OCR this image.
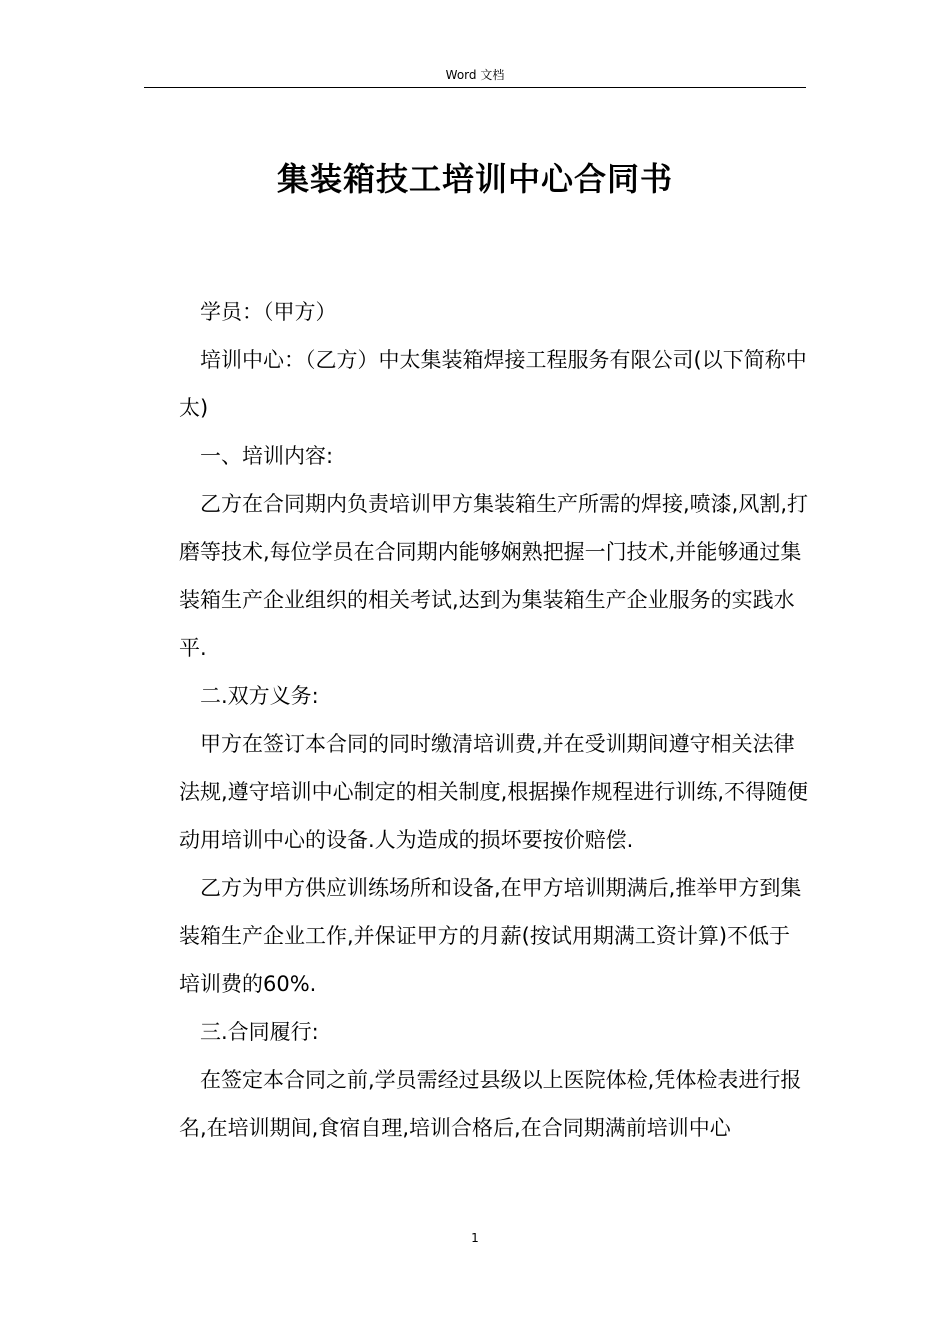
Word 文档
集装箱技工培训中心合同书

学员：（甲方）

培训中心：（乙方）中太集装箱焊接工程服务有限公司(以下简称中太)

一、培训内容:

乙方在合同期内负责培训甲方集装箱生产所需的焊接,喷漆,风割,打磨等技术,每位学员在合同期内能够娴熟把握一门技术,并能够通过集装箱生产企业组织的相关考试,达到为集装箱生产企业服务的实践水平.

二.双方义务:

甲方在签订本合同的同时缴清培训费,并在受训期间遵守相关法律法规,遵守培训中心制定的相关制度,根据操作规程进行训练,不得随便动用培训中心的设备.人为造成的损坏要按价赔偿.

乙方为甲方供应训练场所和设备,在甲方培训期满后,推举甲方到集装箱生产企业工作,并保证甲方的月薪(按试用期满工资计算)不低于培训费的60%.

三.合同履行:

在签定本合同之前,学员需经过县级以上医院体检,凭体检表进行报名,在培训期间,食宿自理,培训合格后,在合同期满前培训中心

1
